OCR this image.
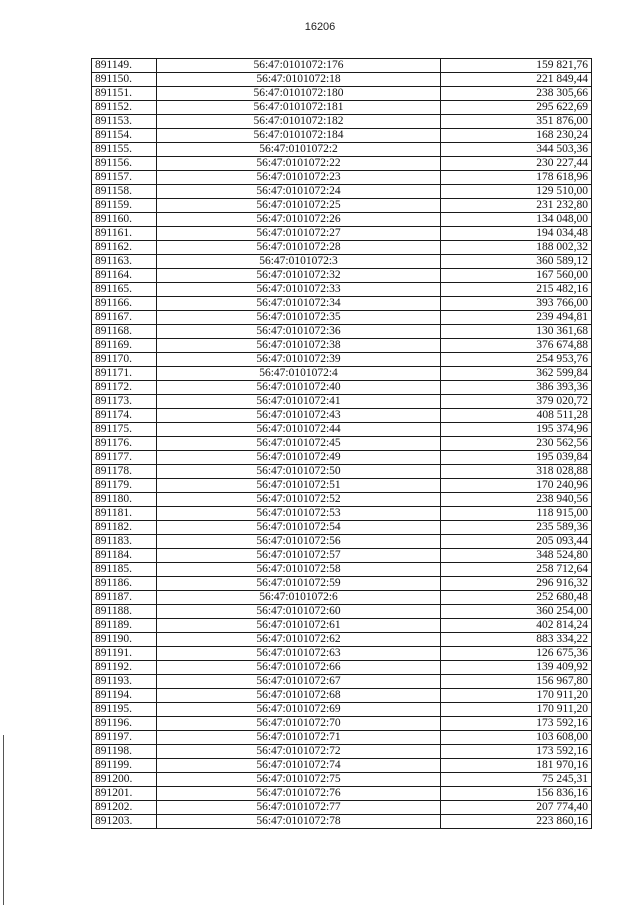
16206
891149.	56:47:0101072:176	159 821,76
891150.	56:47:0101072:18	221 849,44
891151.	56:47:0101072:180	238 305,66
891152.	56:47:0101072:181	295 622,69
891153.	56:47:0101072:182	351 876,00
891154.	56:47:0101072:184	168 230,24
891155.	56:47:0101072:2	344 503,36
891156.	56:47:0101072:22	230 227,44
891157.	56:47:0101072:23	178 618,96
891158.	56:47:0101072:24	129 510,00
891159.	56:47:0101072:25	231 232,80
891160.	56:47:0101072:26	134 048,00
891161.	56:47:0101072:27	194 034,48
891162.	56:47:0101072:28	188 002,32
891163.	56:47:0101072:3	360 589,12
891164.	56:47:0101072:32	167 560,00
891165.	56:47:0101072:33	215 482,16
891166.	56:47:0101072:34	393 766,00
891167.	56:47:0101072:35	239 494,81
891168.	56:47:0101072:36	130 361,68
891169.	56:47:0101072:38	376 674,88
891170.	56:47:0101072:39	254 953,76
891171.	56:47:0101072:4	362 599,84
891172.	56:47:0101072:40	386 393,36
891173.	56:47:0101072:41	379 020,72
891174.	56:47:0101072:43	408 511,28
891175.	56:47:0101072:44	195 374,96
891176.	56:47:0101072:45	230 562,56
891177.	56:47:0101072:49	195 039,84
891178.	56:47:0101072:50	318 028,88
891179.	56:47:0101072:51	170 240,96
891180.	56:47:0101072:52	238 940,56
891181.	56:47:0101072:53	118 915,00
891182.	56:47:0101072:54	235 589,36
891183.	56:47:0101072:56	205 093,44
891184.	56:47:0101072:57	348 524,80
891185.	56:47:0101072:58	258 712,64
891186.	56:47:0101072:59	296 916,32
891187.	56:47:0101072:6	252 680,48
891188.	56:47:0101072:60	360 254,00
891189.	56:47:0101072:61	402 814,24
891190.	56:47:0101072:62	883 334,22
891191.	56:47:0101072:63	126 675,36
891192.	56:47:0101072:66	139 409,92
891193.	56:47:0101072:67	156 967,80
891194.	56:47:0101072:68	170 911,20
891195.	56:47:0101072:69	170 911,20
891196.	56:47:0101072:70	173 592,16
891197.	56:47:0101072:71	103 608,00
891198.	56:47:0101072:72	173 592,16
891199.	56:47:0101072:74	181 970,16
891200.	56:47:0101072:75	75 245,31
891201.	56:47:0101072:76	156 836,16
891202.	56:47:0101072:77	207 774,40
891203.	56:47:0101072:78	223 860,16
